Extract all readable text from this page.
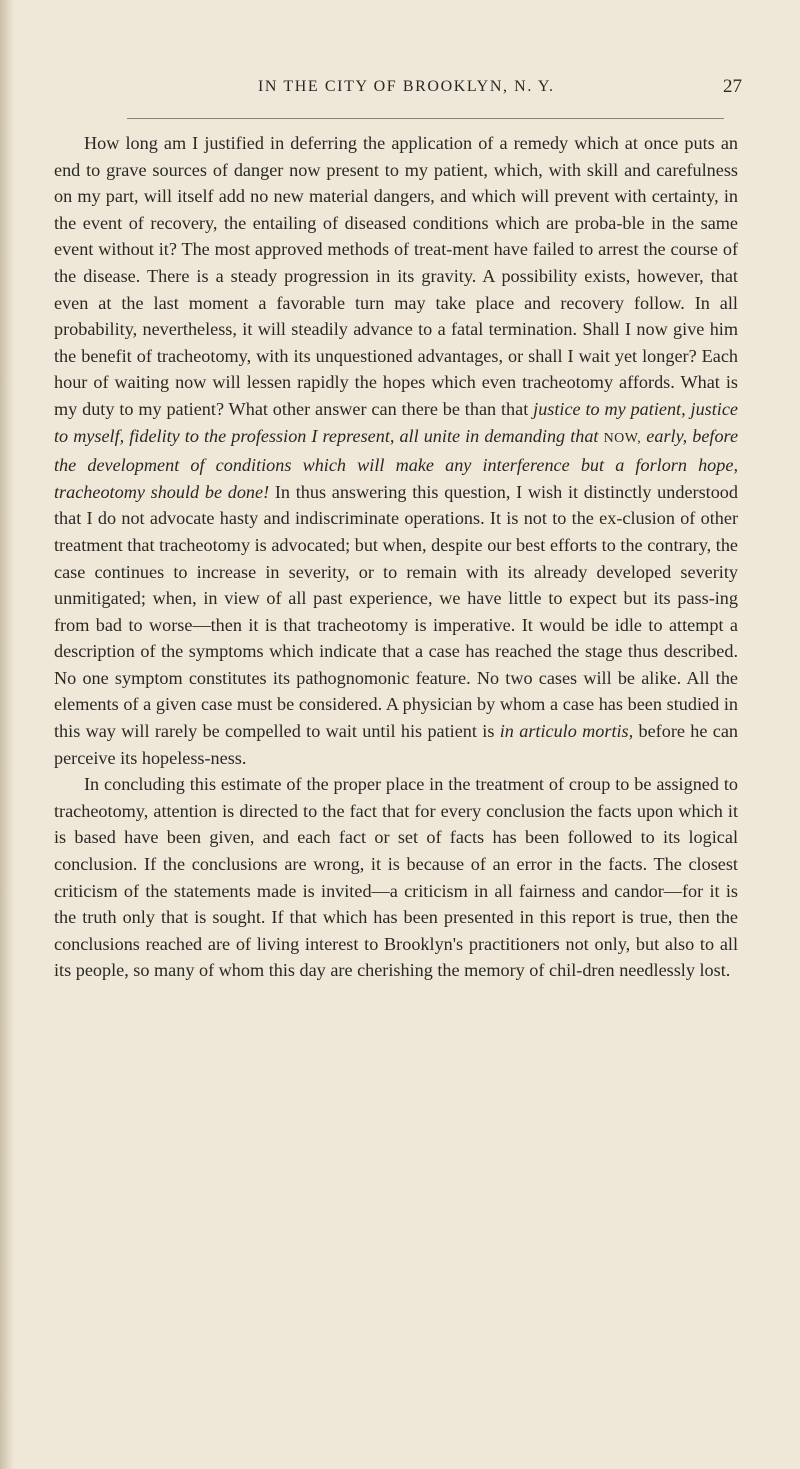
IN THE CITY OF BROOKLYN, N. Y.	27

How long am I justified in deferring the application of a remedy which at once puts an end to grave sources of danger now present to my patient, which, with skill and carefulness on my part, will itself add no new material dangers, and which will prevent with certainty, in the event of recovery, the entailing of diseased conditions which are proba-ble in the same event without it? The most approved methods of treat-ment have failed to arrest the course of the disease. There is a steady progression in its gravity. A possibility exists, however, that even at the last moment a favorable turn may take place and recovery follow. In all probability, nevertheless, it will steadily advance to a fatal termination. Shall I now give him the benefit of tracheotomy, with its unquestioned advantages, or shall I wait yet longer? Each hour of waiting now will lessen rapidly the hopes which even tracheotomy affords. What is my duty to my patient? What other answer can there be than that justice to my patient, justice to myself, fidelity to the profession I represent, all unite in demanding that NOW, early, before the development of conditions which will make any interference but a forlorn hope, tracheotomy should be done! In thus answering this question, I wish it distinctly understood that I do not advocate hasty and indiscriminate operations. It is not to the ex-clusion of other treatment that tracheotomy is advocated; but when, despite our best efforts to the contrary, the case continues to increase in severity, or to remain with its already developed severity unmitigated; when, in view of all past experience, we have little to expect but its pass-ing from bad to worse—then it is that tracheotomy is imperative. It would be idle to attempt a description of the symptoms which indicate that a case has reached the stage thus described. No one symptom constitutes its pathognomonic feature. No two cases will be alike. All the elements of a given case must be considered. A physician by whom a case has been studied in this way will rarely be compelled to wait until his patient is in articulo mortis, before he can perceive its hopeless-ness.

In concluding this estimate of the proper place in the treatment of croup to be assigned to tracheotomy, attention is directed to the fact that for every conclusion the facts upon which it is based have been given, and each fact or set of facts has been followed to its logical conclusion. If the conclusions are wrong, it is because of an error in the facts. The closest criticism of the statements made is invited—a criticism in all fairness and candor—for it is the truth only that is sought. If that which has been presented in this report is true, then the conclusions reached are of living interest to Brooklyn's practitioners not only, but also to all its people, so many of whom this day are cherishing the memory of chil-dren needlessly lost.
